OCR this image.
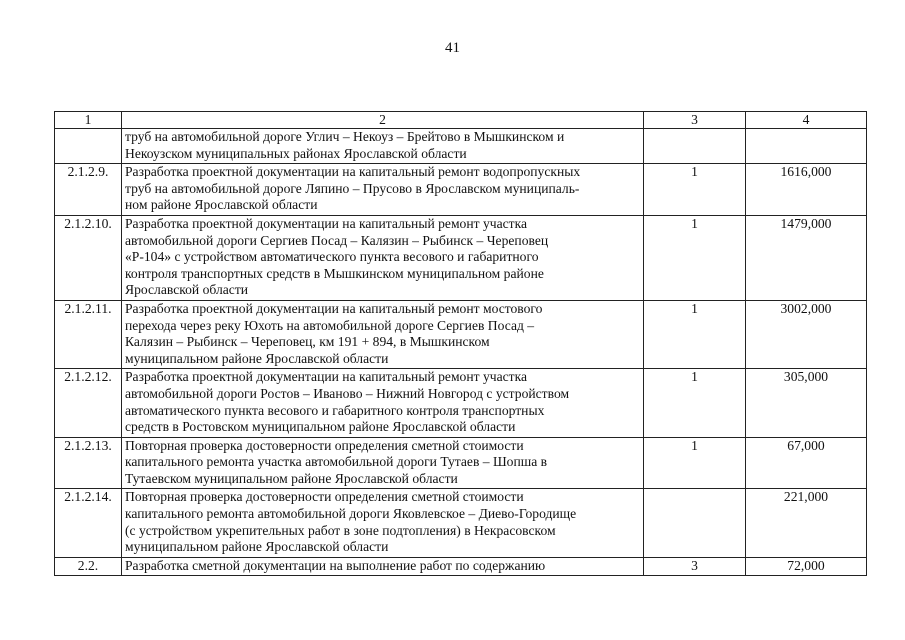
41
1	2	3	4

	труб на автомобильной дороге Углич – Некоуз – Брейтово в Мышкинском и
Некоузском муниципальных районах Ярославской области		

2.1.2.9.	Разработка проектной документации на капитальный ремонт водопропускных
труб на автомобильной дороге Ляпино – Прусово в Ярославском муниципаль-
ном районе Ярославской области	1	1616,000
2.1.2.10.	Разработка проектной документации на капитальный ремонт участка
автомобильной дороги Сергиев Посад – Калязин – Рыбинск – Череповец
«Р-104» с устройством автоматического пункта весового и габаритного
контроля транспортных средств в Мышкинском муниципальном районе
Ярославской области	1	1479,000
2.1.2.11.	Разработка проектной документации на капитальный ремонт мостового
перехода через реку Юхоть на автомобильной дороге Сергиев Посад –
Калязин – Рыбинск – Череповец, км 191 + 894, в Мышкинском
муниципальном районе Ярославской области	1	3002,000
2.1.2.12.	Разработка проектной документации на капитальный ремонт участка
автомобильной дороги Ростов – Иваново – Нижний Новгород с устройством
автоматического пункта весового и габаритного контроля транспортных
средств в Ростовском муниципальном районе Ярославской области	1	305,000
2.1.2.13.	Повторная проверка достоверности определения сметной стоимости
капитального ремонта участка автомобильной дороги Тутаев – Шопша в
Тутаевском муниципальном районе Ярославской области	1	67,000
2.1.2.14.	Повторная проверка достоверности определения сметной стоимости
капитального ремонта автомобильной дороги Яковлевское – Диево-Городище
(с устройством укрепительных работ в зоне подтопления) в Некрасовском
муниципальном районе Ярославской области		221,000
2.2.	Разработка сметной документации на выполнение работ по содержанию	3	72,000
